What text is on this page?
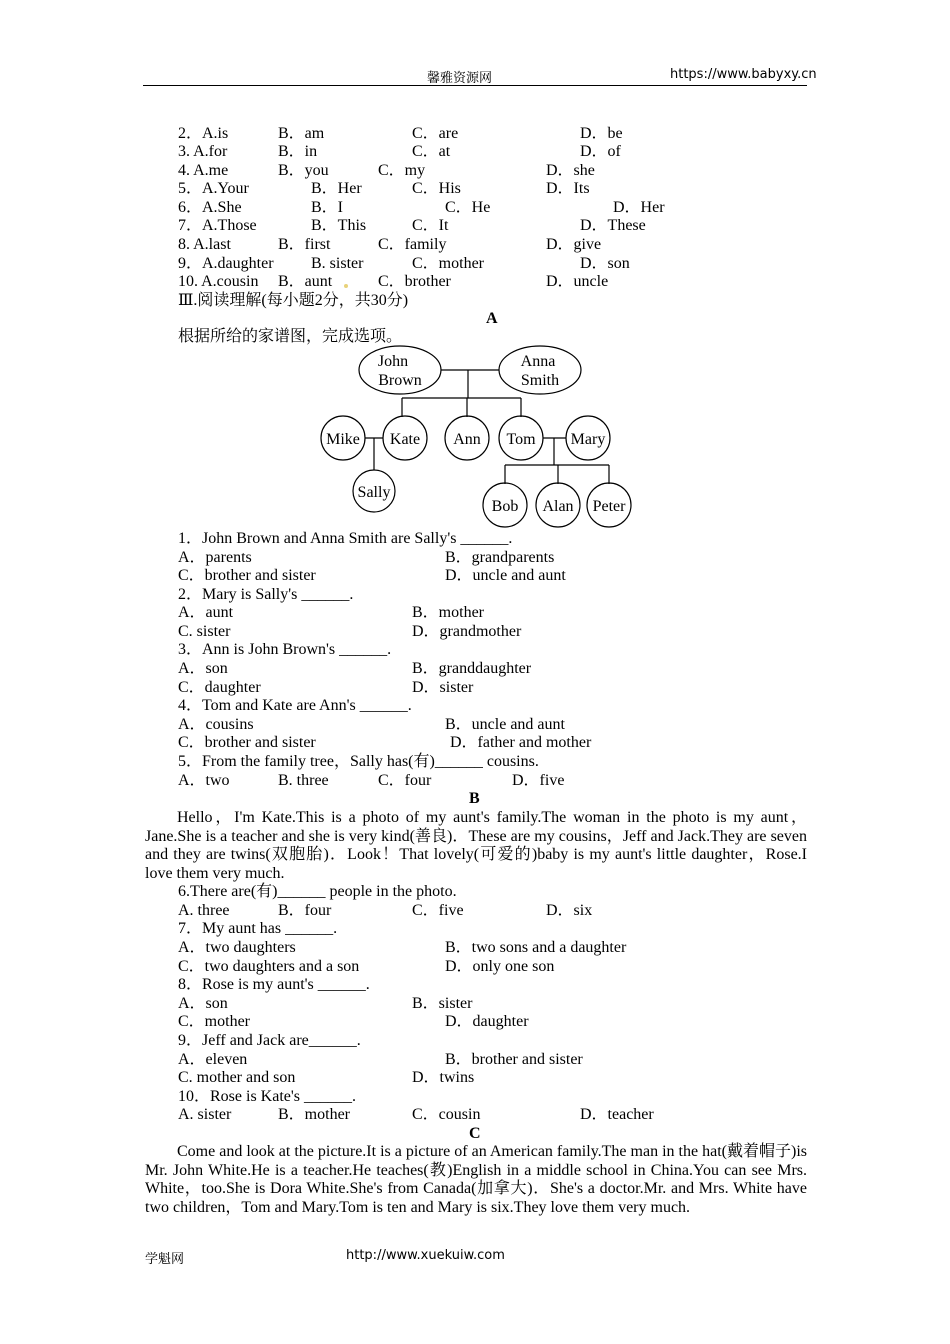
馨雅资源网	https://www.babyxy.cn
2．A.is	B．am	C．are	D．be
3. A.for	B．in	C．at	D．of
4. A.me	B．you	C．my	D．she
5．A.Your	B．Her	C．His	D．Its
6．A.She	B．I	C．He	D．Her
7．A.Those	B．This	C．It	D．These
8. A.last	B．first	C．family	D．give
9．A.daughter B. sister	C．mother	D．son
10. A.cousin B．aunt	C．brother	D．uncle
Ⅲ.阅读理解(每小题2分，共30分)
A
根据所给的家谱图，完成选项。
John
Brown
Anna
Smith
Mike Kate Ann Tom Mary
Sally
Bob Alan Peter
1．John Brown and Anna Smith are Sally's ______.
A．parents	B．grandparents
C．brother and sister	D．uncle and aunt
2．Mary is Sally's ______.
A．aunt	B．mother
C. sister	D．grandmother
3．Ann is John Brown's ______.
A．son	B．granddaughter
C．daughter	D．sister
4．Tom and Kate are Ann's ______.
A．cousins	B．uncle and aunt
C．brother and sister	D．father and mother
5．From the family tree，Sally has(有)______ cousins.
A．two	B. three	C．four	D．five
B
Hello，I'm Kate.This is a photo of my aunt's family.The woman in the photo is my aunt，Jane.She is a teacher and she is very kind(善良)．These are my cousins，Jeff and Jack.They are seven and they are twins(双胞胎)．Look！That lovely(可爱的)baby is my aunt's little daughter，Rose.I love them very much.
6.There are(有)______ people in the photo.
A. three	B．four	C．five	D．six
7．My aunt has ______.
A．two daughters	B．two sons and a daughter
C．two daughters and a son	D．only one son
8．Rose is my aunt's ______.
A．son	B．sister
C．mother	D．daughter
9．Jeff and Jack are______.
A．eleven	B．brother and sister
C. mother and son	D．twins
10．Rose is Kate's ______.
A. sister	B．mother	C．cousin	D．teacher
C
Come and look at the picture.It is a picture of an American family.The man in the hat(戴着帽子)is Mr. John White.He is a teacher.He teaches(教)English in a middle school in China.You can see Mrs. White，too.She is Dora White.She's from Canada(加拿大)．She's a doctor.Mr. and Mrs. White have two children，Tom and Mary.Tom is ten and Mary is six.They love them very much.
学魁网	http://www.xuekuiw.com
